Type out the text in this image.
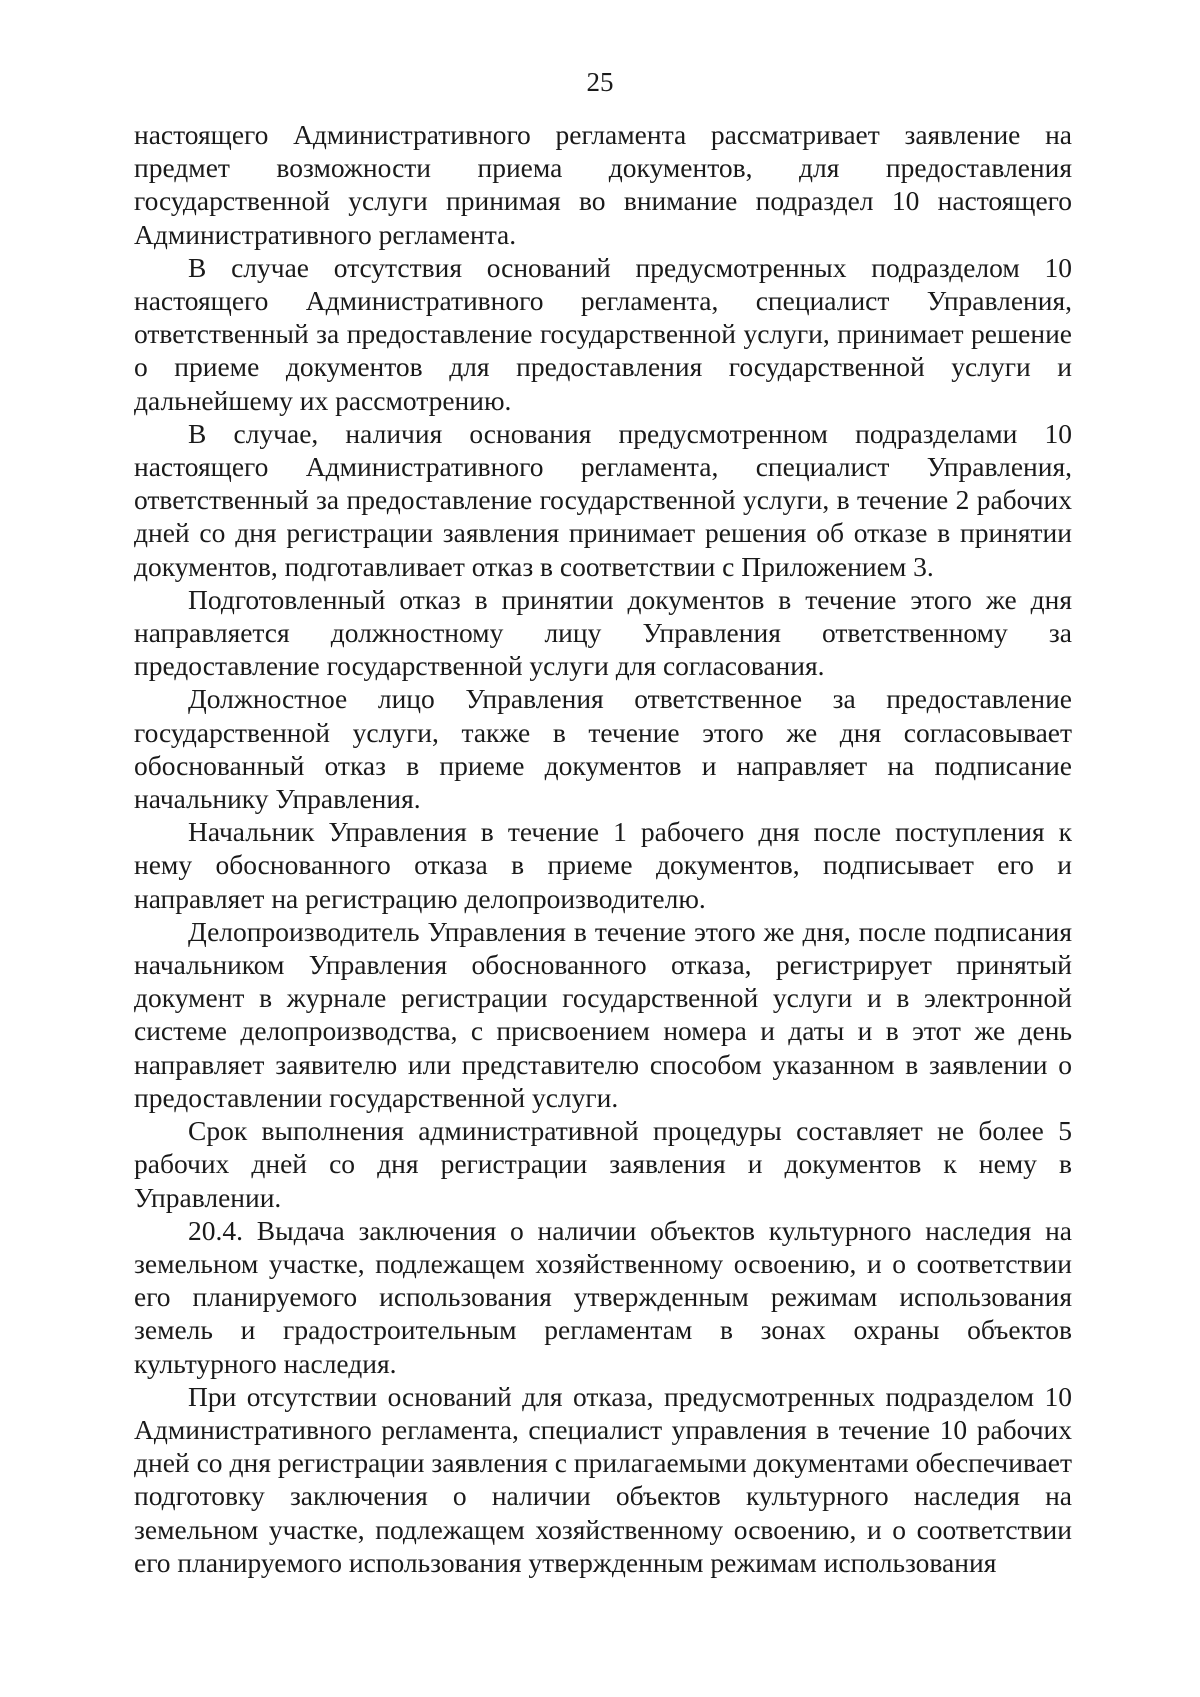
25

настоящего Административного регламента рассматривает заявление на предмет возможности приема документов, для предоставления государственной услуги принимая во внимание подраздел 10 настоящего Административного регламента.

В случае отсутствия оснований предусмотренных подразделом 10 настоящего Административного регламента, специалист Управления, ответственный за предоставление государственной услуги, принимает решение о приеме документов для предоставления государственной услуги и дальнейшему их рассмотрению.

В случае, наличия основания предусмотренном подразделами 10 настоящего Административного регламента, специалист Управления, ответственный за предоставление государственной услуги, в течение 2 рабочих дней со дня регистрации заявления принимает решения об отказе в принятии документов, подготавливает отказ в соответствии с Приложением 3.

Подготовленный отказ в принятии документов в течение этого же дня направляется должностному лицу Управления ответственному за предоставление государственной услуги для согласования.

Должностное лицо Управления ответственное за предоставление государственной услуги, также в течение этого же дня согласовывает обоснованный отказ в приеме документов и направляет на подписание начальнику Управления.

Начальник Управления в течение 1 рабочего дня после поступления к нему обоснованного отказа в приеме документов, подписывает его и направляет на регистрацию делопроизводителю.

Делопроизводитель Управления в течение этого же дня, после подписания начальником Управления обоснованного отказа, регистрирует принятый документ в журнале регистрации государственной услуги и в электронной системе делопроизводства, с присвоением номера и даты и в этот же день направляет заявителю или представителю способом указанном в заявлении о предоставлении государственной услуги.

Срок выполнения административной процедуры составляет не более 5 рабочих дней со дня регистрации заявления и документов к нему в Управлении.

20.4. Выдача заключения о наличии объектов культурного наследия на земельном участке, подлежащем хозяйственному освоению, и о соответствии его планируемого использования утвержденным режимам использования земель и градостроительным регламентам в зонах охраны объектов культурного наследия.

При отсутствии оснований для отказа, предусмотренных подразделом 10 Административного регламента, специалист управления в течение 10 рабочих дней со дня регистрации заявления с прилагаемыми документами обеспечивает подготовку заключения о наличии объектов культурного наследия на земельном участке, подлежащем хозяйственному освоению, и о соответствии его планируемого использования утвержденным режимам использования
